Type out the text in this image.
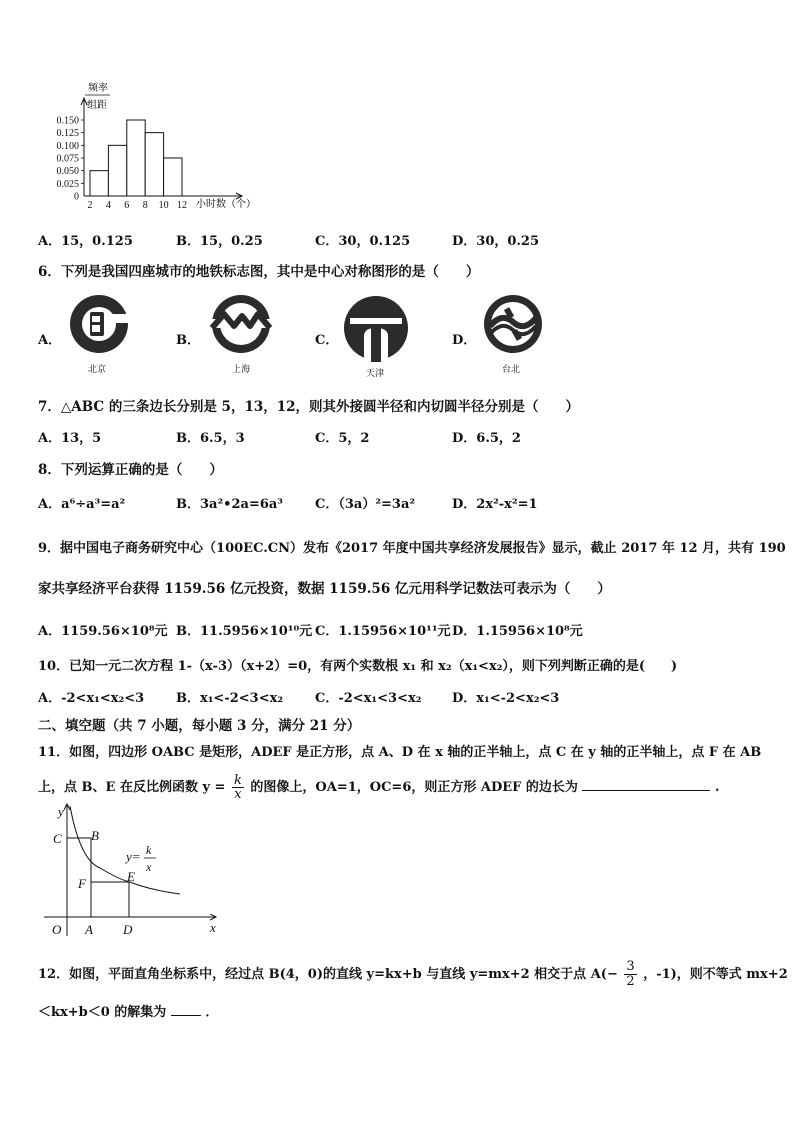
0.150
0.125
0.100
0.075
0.050
0.025
0
2 4 6 8 10 12
频率
组距
小时数（个）
A．15，0.125	B．15，0.25	C．30，0.125	D．30，0.25
6．下列是我国四座城市的地铁标志图，其中是中心对称图形的是（　　）
A．
北京
B．
上海
C．
天津
D．
台北
7．△ABC 的三条边长分别是 5，13，12，则其外接圆半径和内切圆半径分别是（　　）
A．13，5	B．6.5，3	C．5，2	D．6.5，2
8．下列运算正确的是（　　）
A．a⁶÷a³=a²	B．3a²•2a=6a³ C．（3a）²=3a²	D．2x²-x²=1
9．据中国电子商务研究中心（100EC.CN）发布《2017 年度中国共享经济发展报告》显示，截止 2017 年 12 月，共有 190
家共享经济平台获得 1159.56 亿元投资，数据 1159.56 亿元用科学记数法可表示为（　　）
A．1159.56×10⁸元 B．11.5956×10¹⁰元 C．1.15956×10¹¹元 D．1.15956×10⁸元
10．已知一元二次方程 1-（x-3）（x+2）=0，有两个实数根 x₁ 和 x₂（x₁<x₂），则下列判断正确的是(　　)
A．-2<x₁<x₂<3 B．x₁<-2<3<x₂ C．-2<x₁<3<x₂ D．x₁<-2<x₂<3
二、填空题（共 7 小题，每小题 3 分，满分 21 分）
11．如图，四边形 OABC 是矩形，ADEF 是正方形，点 A、D 在 x 轴的正半轴上，点 C 在 y 轴的正半轴上，点 F 在 AB
上，点 B、E 在反比例函数 $y = \frac{k}{x}$ 的图像上，OA=1，OC=6，则正方形 ADEF 的边长为	.
y
x
O A D
C B
F	E
y= k
x
12．如图，平面直角坐标系中，经过点 B(4，0)的直线 y=kx+b 与直线 y=mx+2 相交于点 $A(- \frac{3}{2}$ ，-1)，则不等式 mx+2
＜kx+b＜0 的解集为	．
